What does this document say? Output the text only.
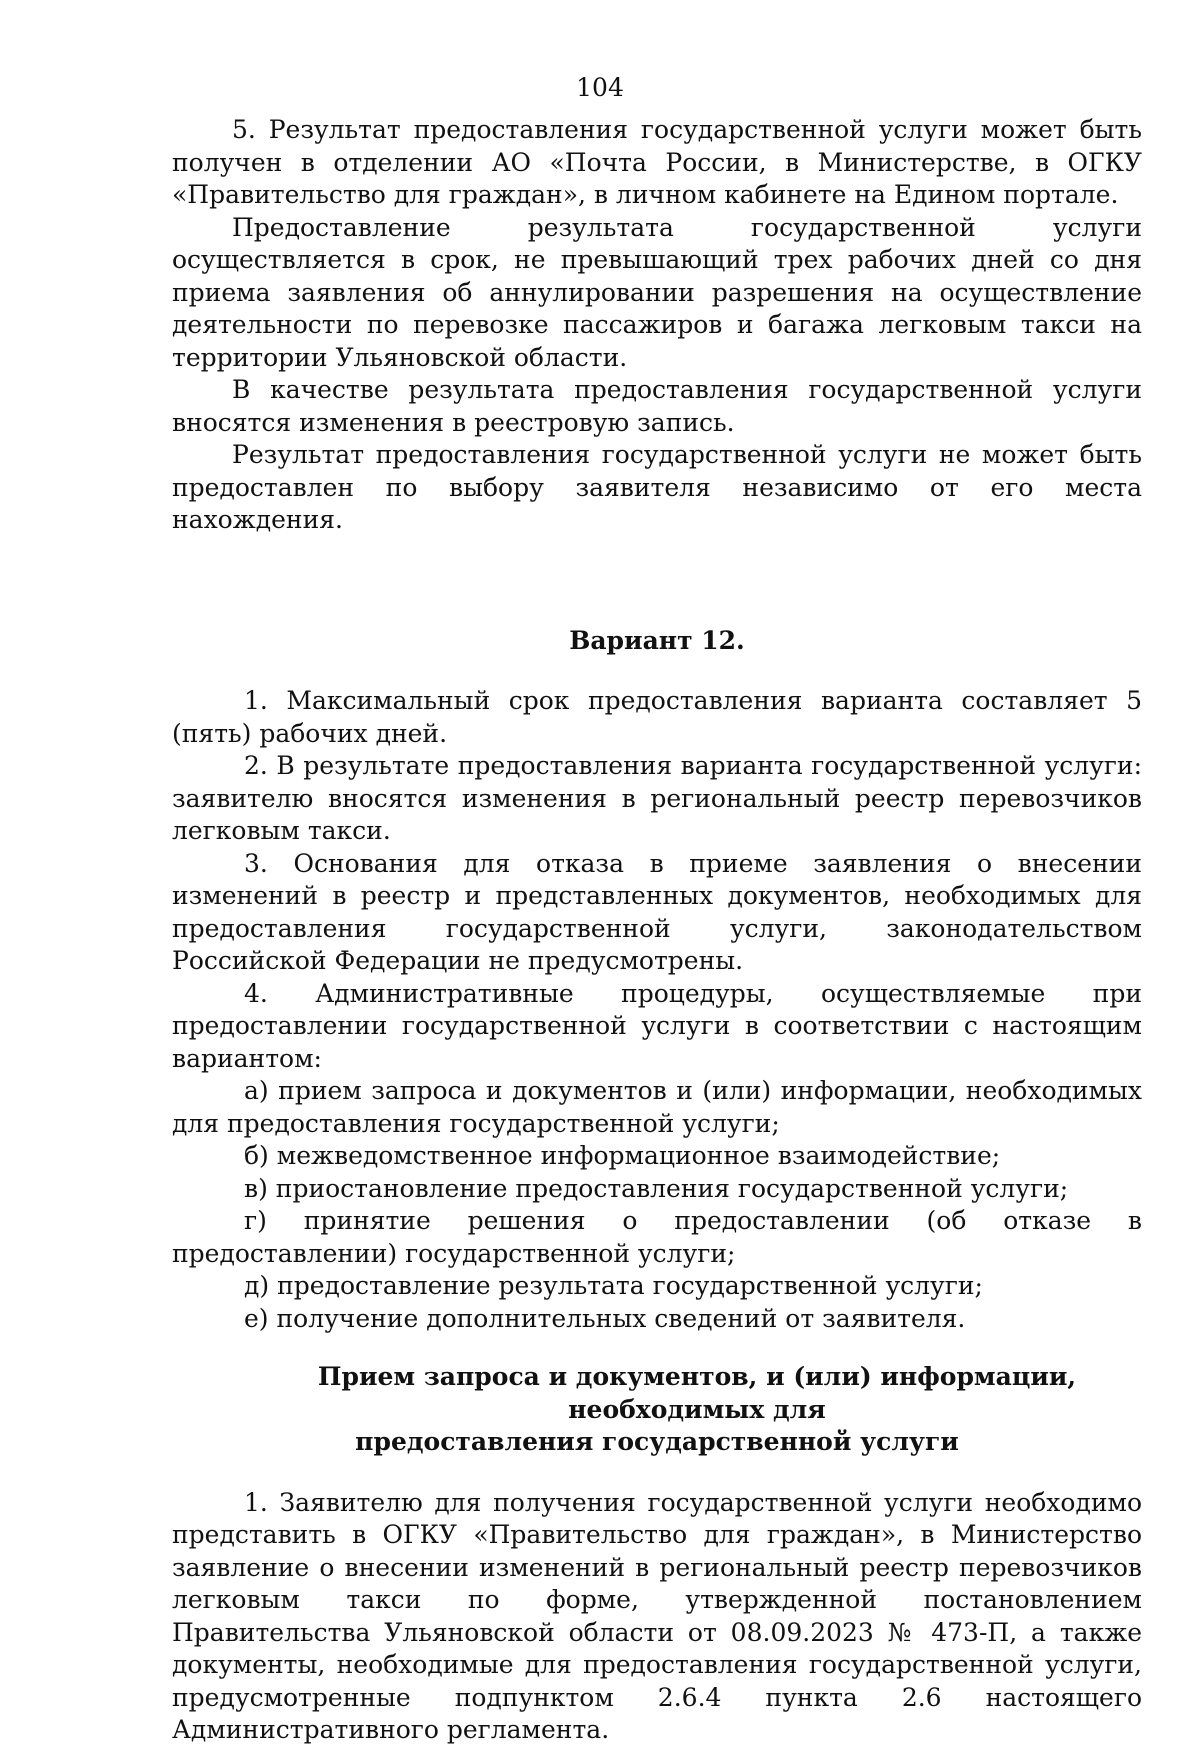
104

5. Результат предоставления государственной услуги может быть получен в отделении АО «Почта России, в Министерстве, в ОГКУ «Правительство для граждан», в личном кабинете на Едином портале.

Предоставление результата государственной услуги осуществляется в срок, не превышающий трех рабочих дней со дня приема заявления об аннулировании разрешения на осуществление деятельности по перевозке пассажиров и багажа легковым такси на территории Ульяновской области.

В качестве результата предоставления государственной услуги вносятся изменения в реестровую запись.

Результат предоставления государственной услуги не может быть предоставлен по выбору заявителя независимо от его места нахождения.

Вариант 12.

1. Максимальный срок предоставления варианта составляет 5 (пять) рабочих дней.

2. В результате предоставления варианта государственной услуги: заявителю вносятся изменения в региональный реестр перевозчиков легковым такси.

3. Основания для отказа в приеме заявления о внесении изменений в реестр и представленных документов, необходимых для предоставления государственной услуги, законодательством Российской Федерации не предусмотрены.

4. Административные процедуры, осуществляемые при предоставлении государственной услуги в соответствии с настоящим вариантом:

а) прием запроса и документов и (или) информации, необходимых для предоставления государственной услуги;

б) межведомственное информационное взаимодействие;

в) приостановление предоставления государственной услуги;

г) принятие решения о предоставлении (об отказе в предоставлении) государственной услуги;

д) предоставление результата государственной услуги;

е) получение дополнительных сведений от заявителя.

Прием запроса и документов, и (или) информации, необходимых для

предоставления государственной услуги

1. Заявителю для получения государственной услуги необходимо представить в ОГКУ «Правительство для граждан», в Министерство заявление о внесении изменений в региональный реестр перевозчиков легковым такси по форме, утвержденной постановлением Правительства Ульяновской области от 08.09.2023 № 473-П, а также документы, необходимые для предоставления государственной услуги, предусмотренные подпунктом 2.6.4 пункта 2.6 настоящего Административного регламента.
